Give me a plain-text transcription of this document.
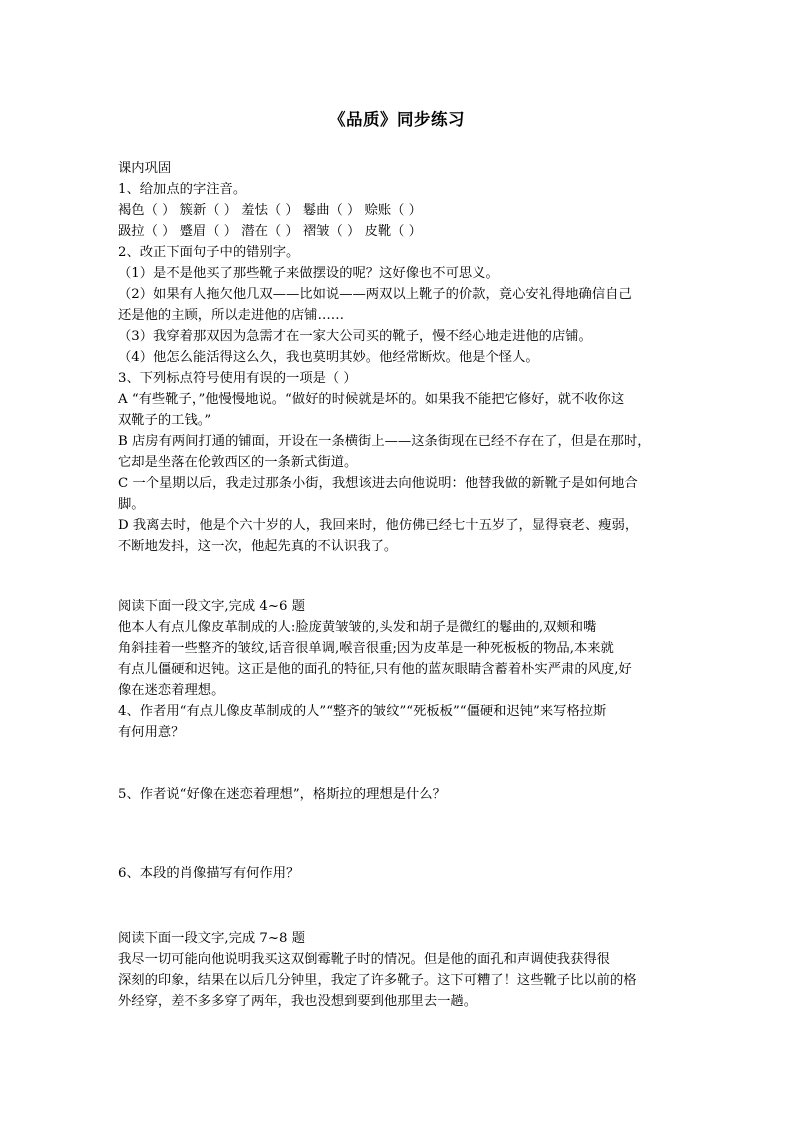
《品质》同步练习
课内巩固
1、给加点的字注音。
褐色（ ） 簇新（ ） 羞怯（ ） 鬈曲（ ） 赊账（ ）
趿拉（ ） 蹙眉（ ） 潜在（ ） 褶皱（ ） 皮靴（ ）
2、改正下面句子中的错别字。
（1）是不是他买了那些靴子来做摆设的呢？这好像也不可思义。
（2）如果有人拖欠他几双——比如说——两双以上靴子的价款，竟心安礼得地确信自己
还是他的主顾，所以走进他的店铺……
（3）我穿着那双因为急需才在一家大公司买的靴子，慢不经心地走进他的店铺。
（4）他怎么能活得这么久，我也莫明其妙。他经常断炊。他是个怪人。
3、下列标点符号使用有误的一项是（ ）
A “有些靴子，”他慢慢地说。“做好的时候就是坏的。如果我不能把它修好，就不收你这
双靴子的工钱。”
B 店房有两间打通的铺面，开设在一条横街上——这条街现在已经不存在了，但是在那时，
它却是坐落在伦敦西区的一条新式街道。
C 一个星期以后，我走过那条小街，我想该进去向他说明：他替我做的新靴子是如何地合
脚。
D 我离去时，他是个六十岁的人，我回来时，他仿佛已经七十五岁了，显得衰老、瘦弱，
不断地发抖，这一次，他起先真的不认识我了。
阅读下面一段文字,完成 4~6 题
他本人有点儿像皮革制成的人:脸庞黄皱皱的,头发和胡子是微红的鬈曲的,双颊和嘴
角斜挂着一些整齐的皱纹,话音很单调,喉音很重;因为皮革是一种死板板的物品,本来就
有点儿僵硬和迟钝。这正是他的面孔的特征,只有他的蓝灰眼睛含蓄着朴实严肃的风度,好
像在迷恋着理想。
4、作者用“有点儿像皮革制成的人”“整齐的皱纹”“死板板”“僵硬和迟钝”来写格拉斯
有何用意？
5、作者说“好像在迷恋着理想”，格斯拉的理想是什么？
6、本段的肖像描写有何作用？
阅读下面一段文字,完成 7~8 题
我尽一切可能向他说明我买这双倒霉靴子时的情况。但是他的面孔和声调使我获得很
深刻的印象，结果在以后几分钟里，我定了许多靴子。这下可糟了！这些靴子比以前的格
外经穿，差不多多穿了两年，我也没想到要到他那里去一趟。
